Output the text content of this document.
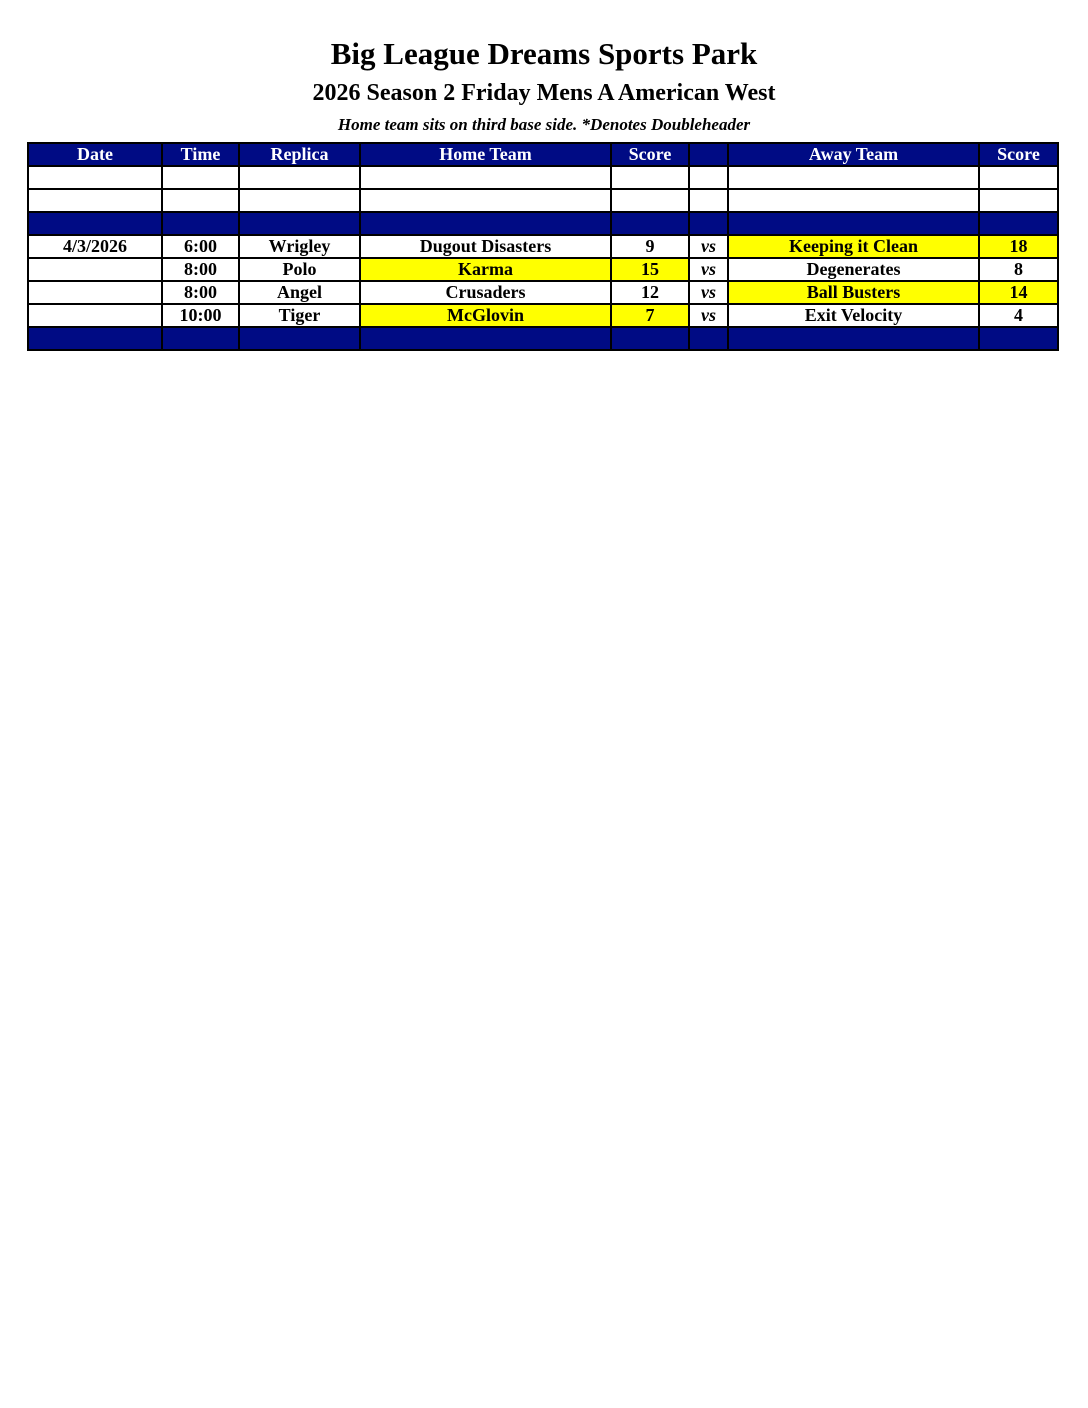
Big League Dreams Sports Park
2026 Season 2 Friday Mens A American West
Home team sits on third base side. *Denotes Doubleheader
Date	Time	Replica	Home Team	Score		Away Team	Score

4/3/2026	6:00	Wrigley	Dugout Disasters	9	vs	Keeping it Clean	18
	8:00	Polo	Karma	15	vs	Degenerates	8
	8:00	Angel	Crusaders	12	vs	Ball Busters	14
	10:00	Tiger	McGlovin	7	vs	Exit Velocity	4
